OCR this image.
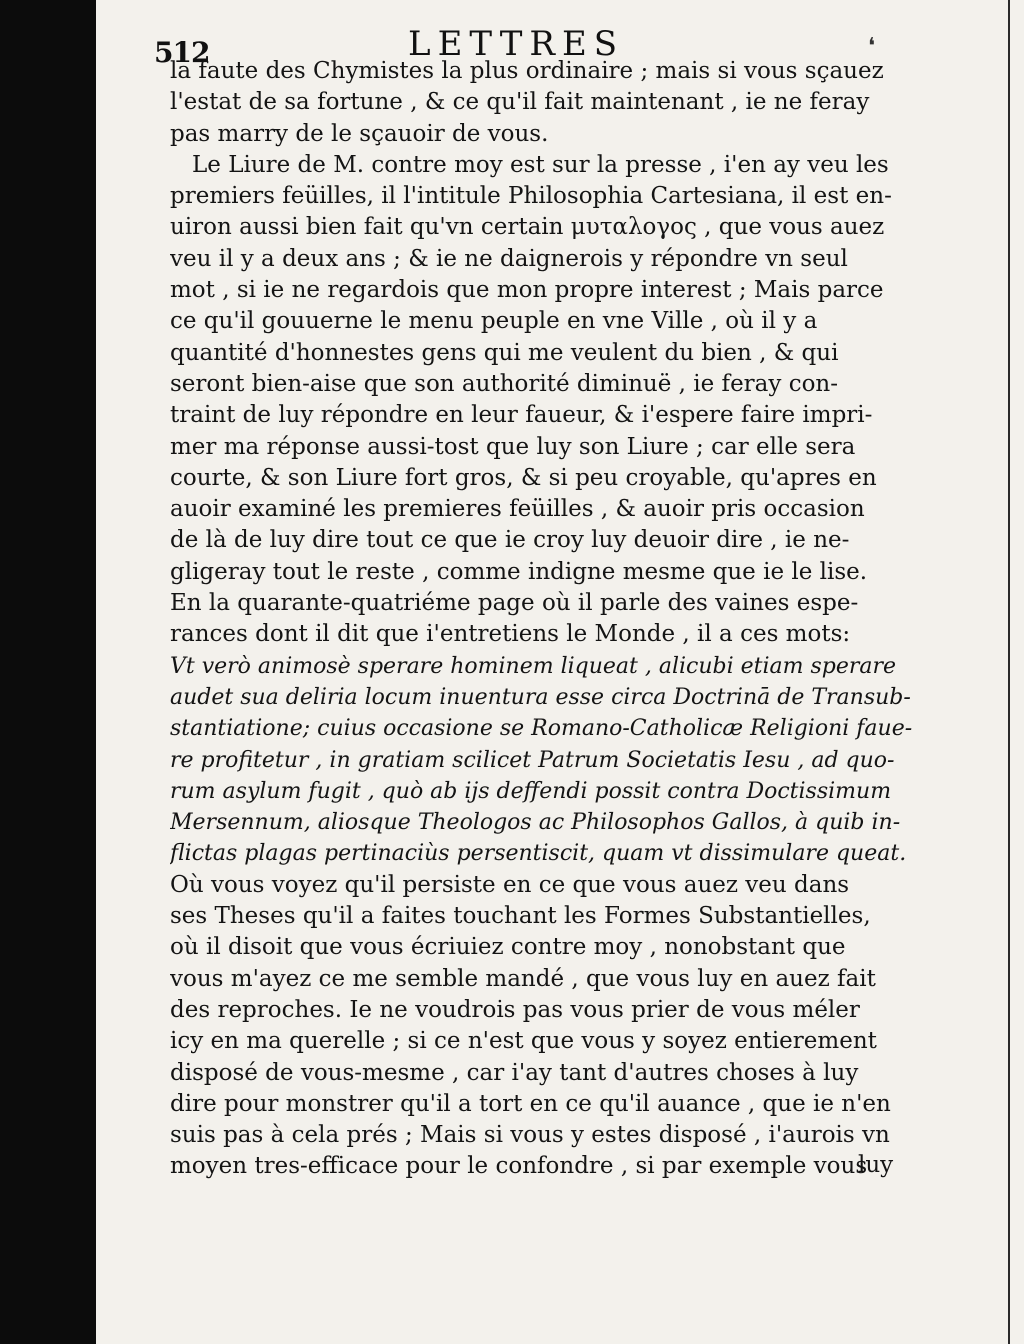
512	LETTRES	❛
la faute des Chymistes la plus ordinaire ; mais si vous sçauez
l'estat de sa fortune , & ce qu'il fait maintenant , ie ne feray
pas marry de le sçauoir de vous.
Le Liure de M. contre moy est sur la presse , i'en ay veu les
premiers feüilles, il l'intitule Philosophia Cartesiana, il est en-
uiron aussi bien fait qu'vn certain μυταλογος , que vous auez
veu il y a deux ans ; & ie ne daignerois y répondre vn seul
mot , si ie ne regardois que mon propre interest ; Mais parce
ce qu'il gouuerne le menu peuple en vne Ville , où il y a
quantité d'honnestes gens qui me veulent du bien , & qui
seront bien-aise que son authorité diminuë , ie feray con-
traint de luy répondre en leur faueur, & i'espere faire impri-
mer ma réponse aussi-tost que luy son Liure ; car elle sera
courte, & son Liure fort gros, & si peu croyable, qu'apres en
auoir examiné les premieres feüilles , & auoir pris occasion
de là de luy dire tout ce que ie croy luy deuoir dire , ie ne-
gligeray tout le reste , comme indigne mesme que ie le lise.
En la quarante-quatriéme page où il parle des vaines espe-
rances dont il dit que i'entretiens le Monde , il a ces mots:
Vt verò animosè sperare hominem liqueat , alicubi etiam sperare
audet sua deliria locum inuentura esse circa Doctrinā de Transub-
stantiatione; cuius occasione se Romano-Catholicæ Religioni faue-
re profitetur , in gratiam scilicet Patrum Societatis Iesu , ad quo-
rum asylum fugit , quò ab ijs deffendi possit contra Doctissimum
Mersennum, aliosque Theologos ac Philosophos Gallos, à quib in-
flictas plagas pertinaciùs persentiscit, quam vt dissimulare queat.
Où vous voyez qu'il persiste en ce que vous auez veu dans
ses Theses qu'il a faites touchant les Formes Substantielles,
où il disoit que vous écriuiez contre moy , nonobstant que
vous m'ayez ce me semble mandé , que vous luy en auez fait
des reproches. Ie ne voudrois pas vous prier de vous méler
icy en ma querelle ; si ce n'est que vous y soyez entierement
disposé de vous-mesme , car i'ay tant d'autres choses à luy
dire pour monstrer qu'il a tort en ce qu'il auance , que ie n'en
suis pas à cela prés ; Mais si vous y estes disposé , i'aurois vn
moyen tres-efficace pour le confondre , si par exemple vous
luy
